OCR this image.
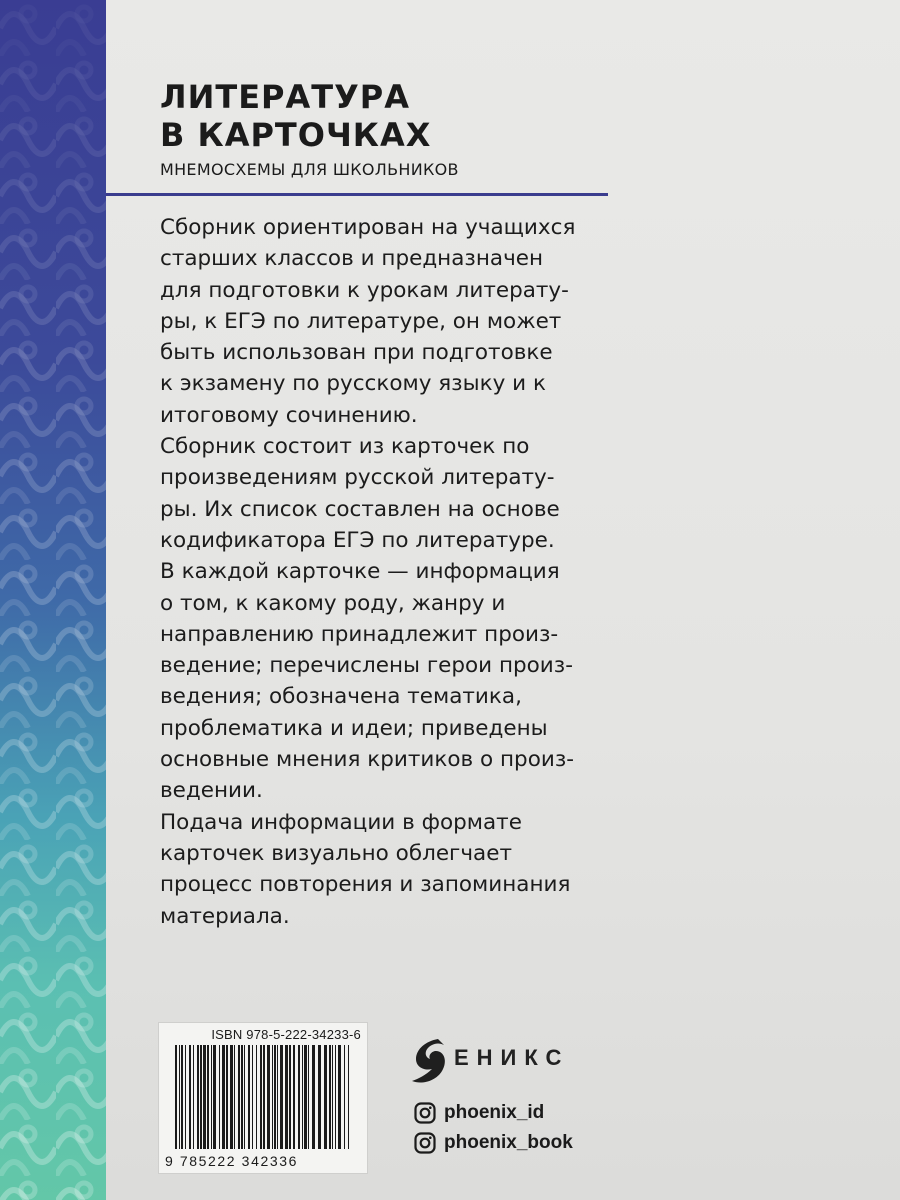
ЛИТЕРАТУРА
В КАРТОЧКАХ
МНЕМОСХЕМЫ ДЛЯ ШКОЛЬНИКОВ
Сборник ориентирован на учащихся
старших классов и предназначен
для подготовки к урокам литерату-
ры, к ЕГЭ по литературе, он может
быть использован при подготовке
к экзамену по русскому языку и к
итоговому сочинению.
Сборник состоит из карточек по
произведениям русской литерату-
ры. Их список составлен на основе
кодификатора ЕГЭ по литературе.
В каждой карточке — информация
о том, к какому роду, жанру и
направлению принадлежит произ-
ведение; перечислены герои произ-
ведения; обозначена тематика,
проблематика и идеи; приведены
основные мнения критиков о произ-
ведении.
Подача информации в формате
карточек визуально облегчает
процесс повторения и запоминания
материала.
ISBN 978-5-222-34233-6
9 785222 342336
ЕНИКС
phoenix_id
phoenix_book
